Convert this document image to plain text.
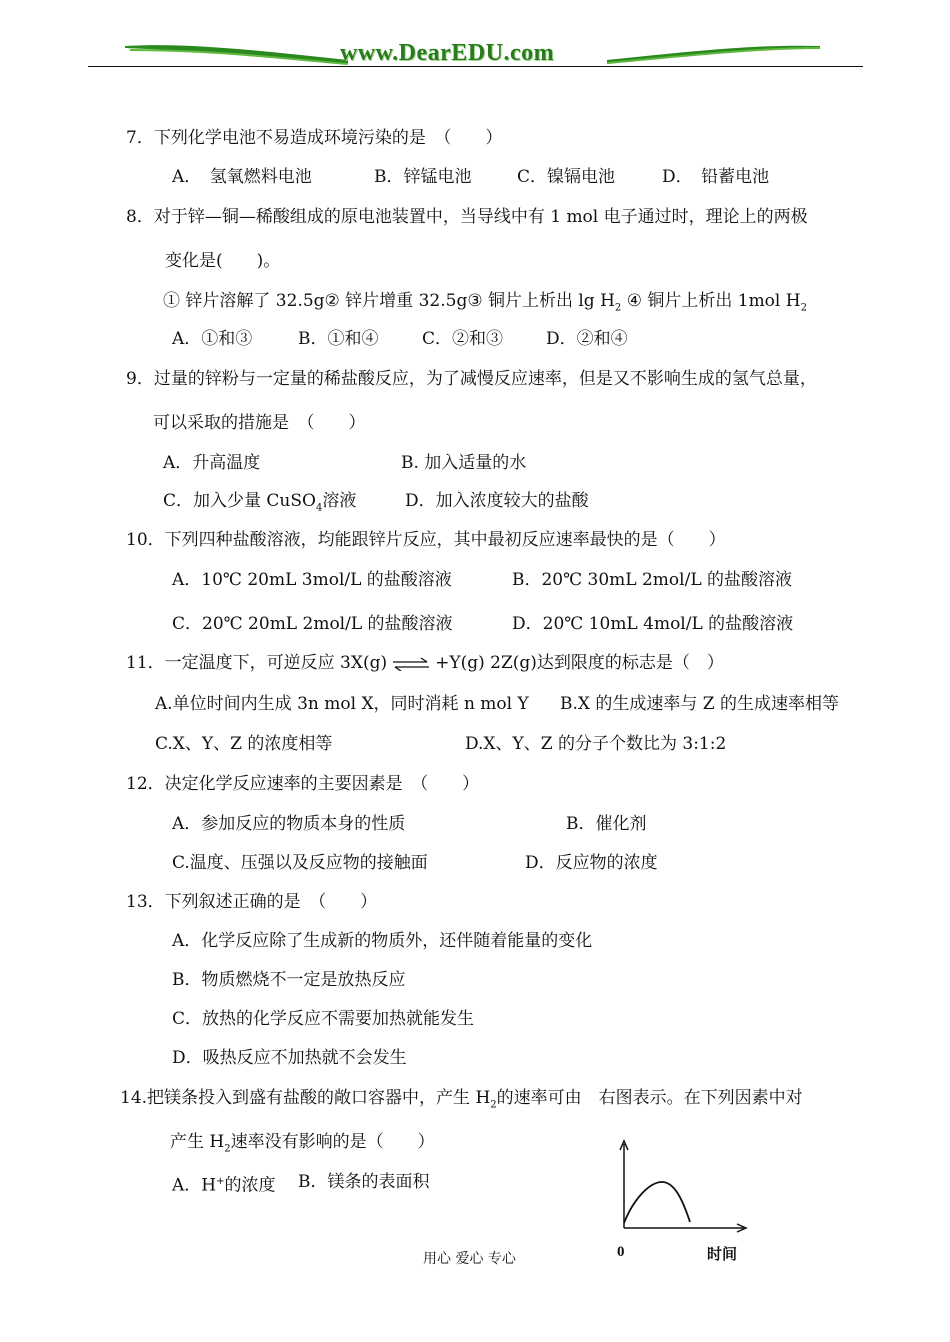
www.DearEDU.com
7．下列化学电池不易造成环境污染的是　（　　）
A．　氢氧燃料电池	B．锌锰电池	C．镍镉电池	D．　铅蓄电池
8．对于锌—铜—稀酸组成的原电池装置中，当导线中有 1 mol 电子通过时，理论上的两极
变化是(　　)。
① 锌片溶解了 32.5g② 锌片增重 32.5g③ 铜片上析出 $\lg H_2$ ④ 铜片上析出 1mol $H_2$
A．①和③	B．①和④	C．②和③	D．②和④
9．过量的锌粉与一定量的稀盐酸反应，为了减慢反应速率，但是又不影响生成的氢气总量，
可以采取的措施是　（　　）
A．升高温度	B. 加入适量的水
C．加入少量 CuSO$_4$溶液	D．加入浓度较大的盐酸
10．下列四种盐酸溶液，均能跟锌片反应，其中最初反应速率最快的是（　　）
A．10℃ 20mL 3mol/L 的盐酸溶液	B．20℃ 30mL 2mol/L 的盐酸溶液
C．20℃ 20mL 2mol/L 的盐酸溶液	D．20℃ 10mL 4mol/L 的盐酸溶液
11．一定温度下，可逆反应 3X(g) ⇌ +Y(g) 2Z(g)达到限度的标志是（　）
A.单位时间内生成 3n mol X，同时消耗 n mol Y B.X 的生成速率与 Z 的生成速率相等
C.X、Y、Z 的浓度相等	D.X、Y、Z 的分子个数比为 3:1:2
12．决定化学反应速率的主要因素是　（　　）
A．参加反应的物质本身的性质	B．催化剂
C.温度、压强以及反应物的接触面	D．反应物的浓度
13．下列叙述正确的是　（　　）
A．化学反应除了生成新的物质外，还伴随着能量的变化
B．物质燃烧不一定是放热反应
C．放热的化学反应不需要加热就能发生
D．吸热反应不加热就不会发生
14.把镁条投入到盛有盐酸的敞口容器中，产生 $H_2$的速率可由　右图表示。在下列因素中对
产生 $H_2$速率没有影响的是（　　）
A．H+的浓度 B．镁条的表面积
0	时间
用心 爱心 专心
